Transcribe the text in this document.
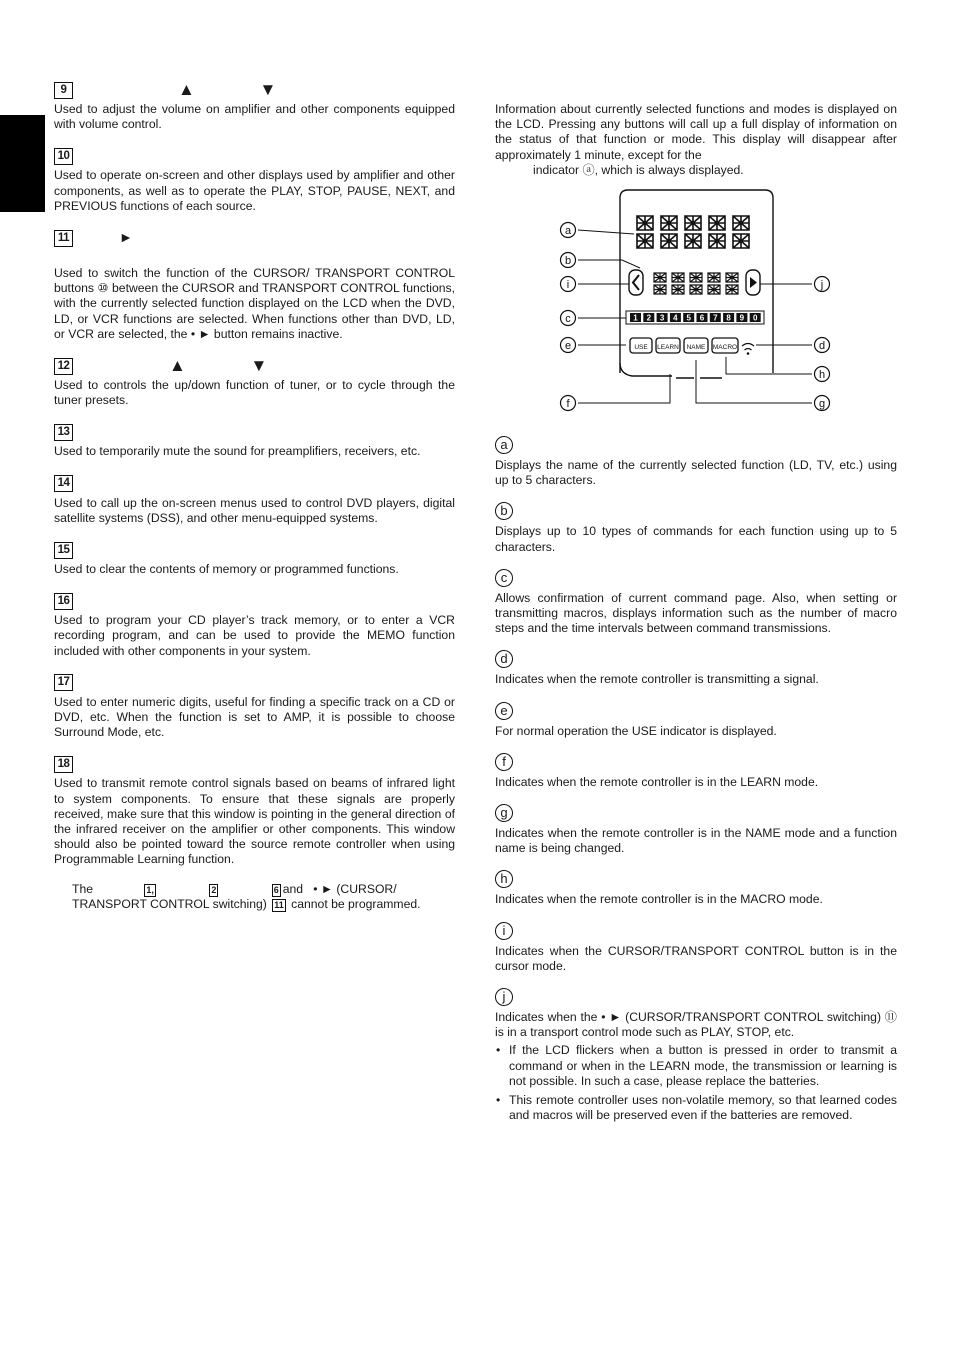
9	▲ ▼

Used to adjust the volume on amplifier and other components equipped with volume control.

10

Used to operate on-screen and other displays used by amplifier and other components, as well as to operate the PLAY, STOP, PAUSE, NEXT, and PREVIOUS functions of each source.

11	►

Used to switch the function of the CURSOR/ TRANSPORT CONTROL buttons ⑩ between the CURSOR and TRANSPORT CONTROL functions, with the currently selected function displayed on the LCD when the DVD, LD, or VCR functions are selected. When functions other than DVD, LD, or VCR are selected, the • ► button remains inactive.

12	▲ ▼

Used to controls the up/down function of tuner, or to cycle through the tuner presets.

13

Used to temporarily mute the sound for preamplifiers, receivers, etc.

14

Used to call up the on-screen menus used to control DVD players, digital satellite systems (DSS), and other menu-equipped systems.

15

Used to clear the contents of memory or programmed functions.

16

Used to program your CD player’s track memory, or to enter a VCR recording program, and can be used to provide the MEMO function included with other components in your system.

17

Used to enter numeric digits, useful for finding a specific track on a CD or DVD, etc. When the function is set to AMP, it is possible to choose Surround Mode, etc.

18

Used to transmit remote control signals based on beams of infrared light to system components. To ensure that these signals are properly received, make sure that this window is pointing in the general direction of the infrared receiver on the amplifier or other components. This window should also be pointed toward the source remote controller when using Programmable Learning function.

The	1,	2	6 and • ► (CURSOR/
TRANSPORT CONTROL switching) 11 cannot be programmed.

Information about currently selected functions and modes is displayed on the LCD. Pressing any buttons will call up a full display of information on the status of that function or mode. This display will disappear after approximately 1 minute, except for the
indicator ⓐ, which is always displayed.

a

Displays the name of the currently selected function (LD, TV, etc.) using up to 5 characters.

b

Displays up to 10 types of commands for each function using up to 5 characters.

c

Allows confirmation of current command page. Also, when setting or transmitting macros, displays information such as the number of macro steps and the time intervals between command transmissions.

d

Indicates when the remote controller is transmitting a signal.

e

For normal operation the USE indicator is displayed.

f

Indicates when the remote controller is in the LEARN mode.

g

Indicates when the remote controller is in the NAME mode and a function name is being changed.

h

Indicates when the remote controller is in the MACRO mode.

i

Indicates when the CURSOR/TRANSPORT CONTROL button is in the cursor mode.

j

Indicates when the • ► (CURSOR/TRANSPORT CONTROL switching) ⑪ is in a transport control mode such as PLAY, STOP, etc.

• If the LCD flickers when a button is pressed in order to transmit a command or when in the LEARN mode, the transmission or learning is not possible. In such a case, please replace the batteries.
• This remote controller uses non-volatile memory, so that learned codes and macros will be preserved even if the batteries are removed.
1 2 3 4 5 6 7 8 9 0
USE LEARN NAME MACRO
a
b
i
c
e
f
j
d
h
g
